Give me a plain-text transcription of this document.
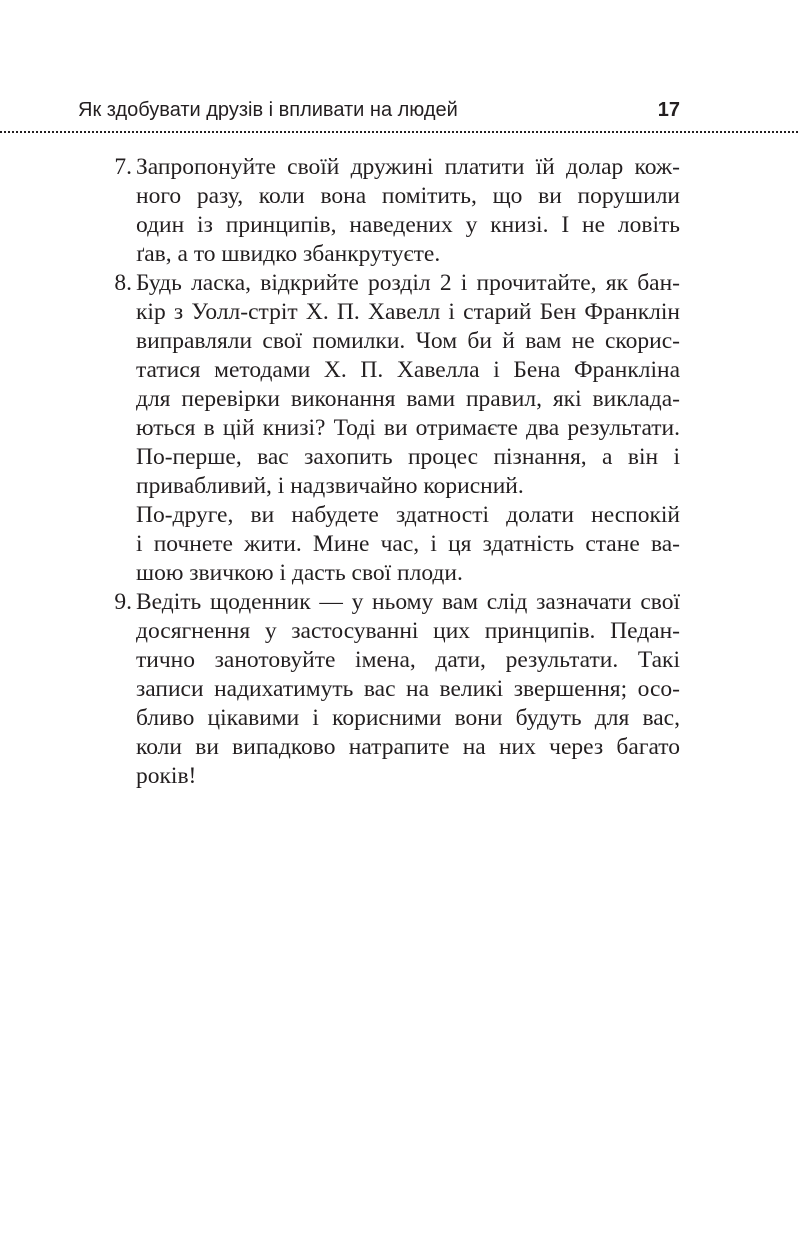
Як здобувати друзів і впливати на людей	17
7. Запропонуйте своїй дружині платити їй долар кож-
ного разу, коли вона помітить, що ви порушили
один із принципів, наведених у книзі. І не ловіть
ґав, а то швидко збанкрутуєте.
8. Будь ласка, відкрийте розділ 2 і прочитайте, як бан-
кір з Уолл-стріт Х. П. Хавелл і старий Бен Франклін
виправляли свої помилки. Чом би й вам не скорис-
татися методами Х. П. Хавелла і Бена Франкліна
для перевірки виконання вами правил, які виклада-
ються в цій книзі? Тоді ви отримаєте два результати.
По-перше, вас захопить процес пізнання, а він і
привабливий, і надзвичайно корисний.
По-друге, ви набудете здатності долати неспокій
і почнете жити. Мине час, і ця здатність стане ва-
шою звичкою і дасть свої плоди.
9. Ведіть щоденник — у ньому вам слід зазначати свої
досягнення у застосуванні цих принципів. Педан-
тично занотовуйте імена, дати, результати. Такі
записи надихатимуть вас на великі звершення; осо-
бливо цікавими і корисними вони будуть для вас,
коли ви випадково натрапите на них через багато
років!
